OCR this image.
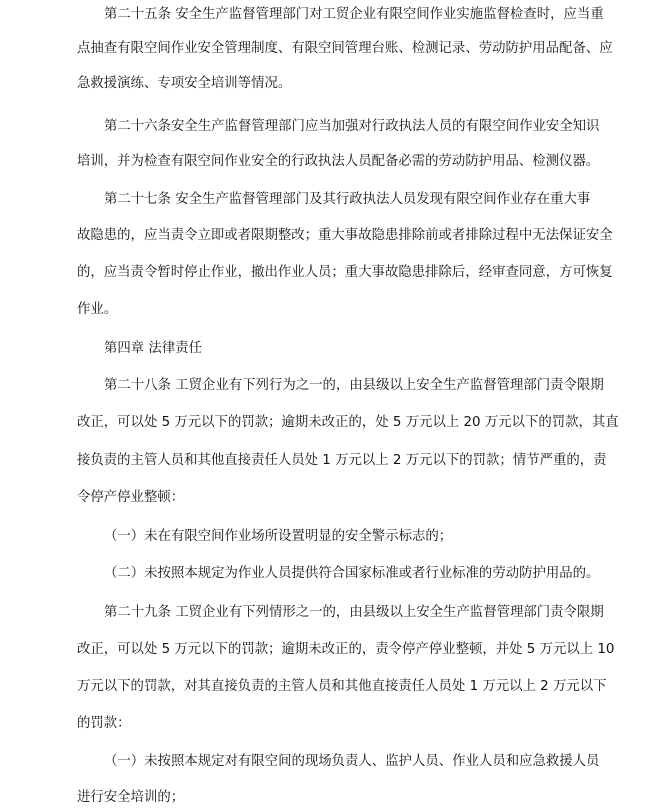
第二十五条 安全生产监督管理部门对工贸企业有限空间作业实施监督检查时，应当重
点抽查有限空间作业安全管理制度、有限空间管理台账、检测记录、劳动防护用品配备、应
急救援演练、专项安全培训等情况。
第二十六条安全生产监督管理部门应当加强对行政执法人员的有限空间作业安全知识
培训，并为检查有限空间作业安全的行政执法人员配备必需的劳动防护用品、检测仪器。
第二十七条 安全生产监督管理部门及其行政执法人员发现有限空间作业存在重大事
故隐患的，应当责令立即或者限期整改；重大事故隐患排除前或者排除过程中无法保证安全
的，应当责令暂时停止作业，撤出作业人员；重大事故隐患排除后，经审查同意，方可恢复
作业。
第四章 法律责任
第二十八条 工贸企业有下列行为之一的，由县级以上安全生产监督管理部门责令限期
改正，可以处 5 万元以下的罚款；逾期未改正的，处 5 万元以上 20 万元以下的罚款，其直
接负责的主管人员和其他直接责任人员处 1 万元以上 2 万元以下的罚款；情节严重的，责
令停产停业整顿：
（一）未在有限空间作业场所设置明显的安全警示标志的；
（二）未按照本规定为作业人员提供符合国家标准或者行业标准的劳动防护用品的。
第二十九条 工贸企业有下列情形之一的，由县级以上安全生产监督管理部门责令限期
改正，可以处 5 万元以下的罚款；逾期未改正的，责令停产停业整顿，并处 5 万元以上 10
万元以下的罚款，对其直接负责的主管人员和其他直接责任人员处 1 万元以上 2 万元以下
的罚款：
（一）未按照本规定对有限空间的现场负责人、监护人员、作业人员和应急救援人员
进行安全培训的；
